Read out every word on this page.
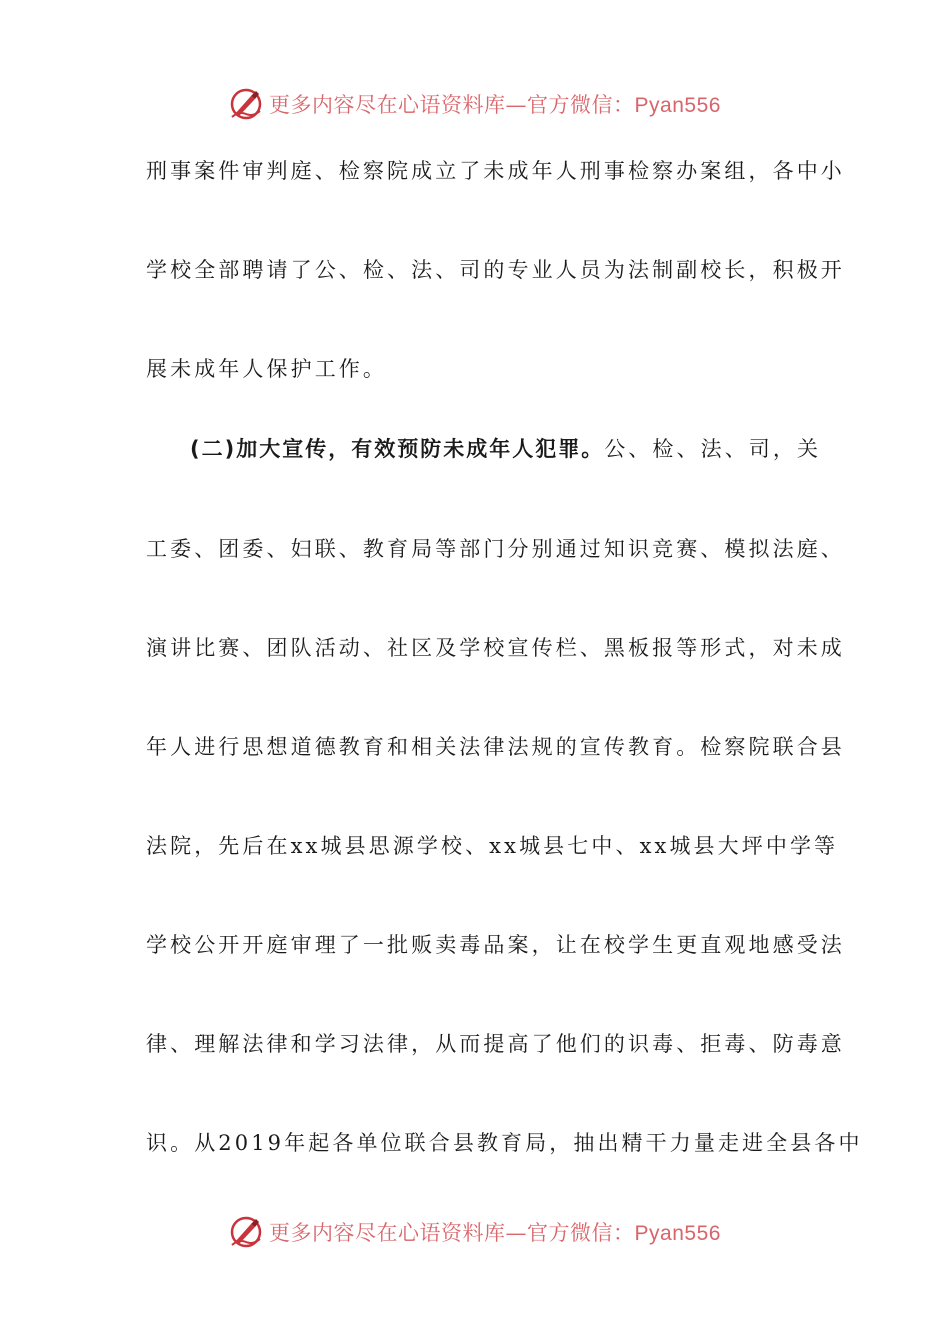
更多内容尽在心语资料库—官方微信：Pyan556
刑事案件审判庭、检察院成立了未成年人刑事检察办案组，各中小
学校全部聘请了公、检、法、司的专业人员为法制副校长，积极开
展未成年人保护工作。
(二)加大宣传，有效预防未成年人犯罪。公、检、法、司，关
工委、团委、妇联、教育局等部门分别通过知识竞赛、模拟法庭、
演讲比赛、团队活动、社区及学校宣传栏、黑板报等形式，对未成
年人进行思想道德教育和相关法律法规的宣传教育。检察院联合县
法院，先后在xx城县思源学校、xx城县七中、xx城县大坪中学等
学校公开开庭审理了一批贩卖毒品案，让在校学生更直观地感受法
律、理解法律和学习法律，从而提高了他们的识毒、拒毒、防毒意
识。从2019年起各单位联合县教育局，抽出精干力量走进全县各中
更多内容尽在心语资料库—官方微信：Pyan556
